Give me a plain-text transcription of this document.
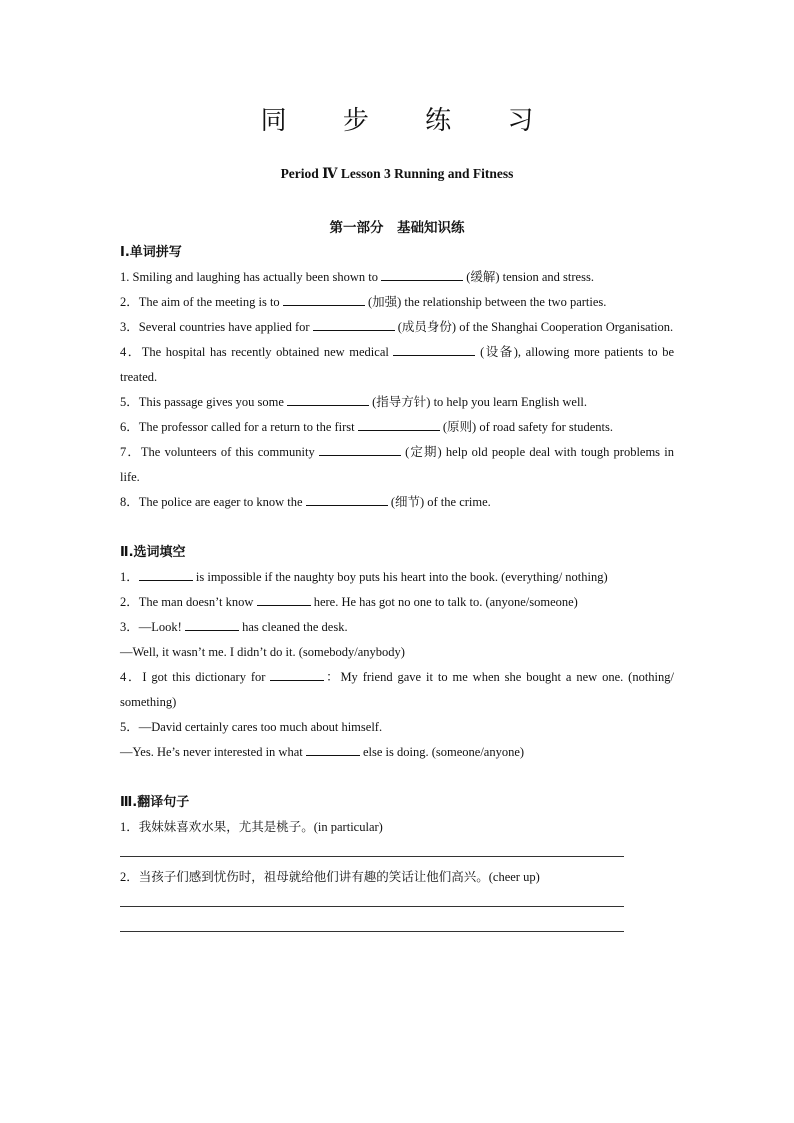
同 步 练 习
Period Ⅳ Lesson 3 Running and Fitness
第一部分　基础知识练
Ⅰ.单词拼写
1. Smiling and laughing has actually been shown to	(缓解) tension and stress.
2．The aim of the meeting is to	(加强) the relationship between the two parties.
3．Several countries have applied for	(成员身份) of the Shanghai Cooperation Organisation.
4．The hospital has recently obtained new medical	(设备), allowing more patients to be treated.
5．This passage gives you some	(指导方针) to help you learn English well.
6．The professor called for a return to the first	(原则) of road safety for students.
7．The volunteers of this community	(定期) help old people deal with tough problems in life.
8．The police are eager to know the	(细节) of the crime.
Ⅱ.选词填空
1．	is impossible if the naughty boy puts his heart into the book. (everything/ nothing)
2．The man doesn’t know	here. He has got no one to talk to. (anyone/someone)
3．—Look!	has cleaned the desk.
—Well, it wasn’t me. I didn’t do it. (somebody/anybody)
4．I got this dictionary for	：My friend gave it to me when she bought a new one. (nothing/ something)
5．—David certainly cares too much about himself.
—Yes. He’s never interested in what	else is doing. (someone/anyone)
Ⅲ.翻译句子
1．我妹妹喜欢水果，尤其是桃子。(in particular)
2．当孩子们感到忧伤时，祖母就给他们讲有趣的笑话让他们高兴。(cheer up)
